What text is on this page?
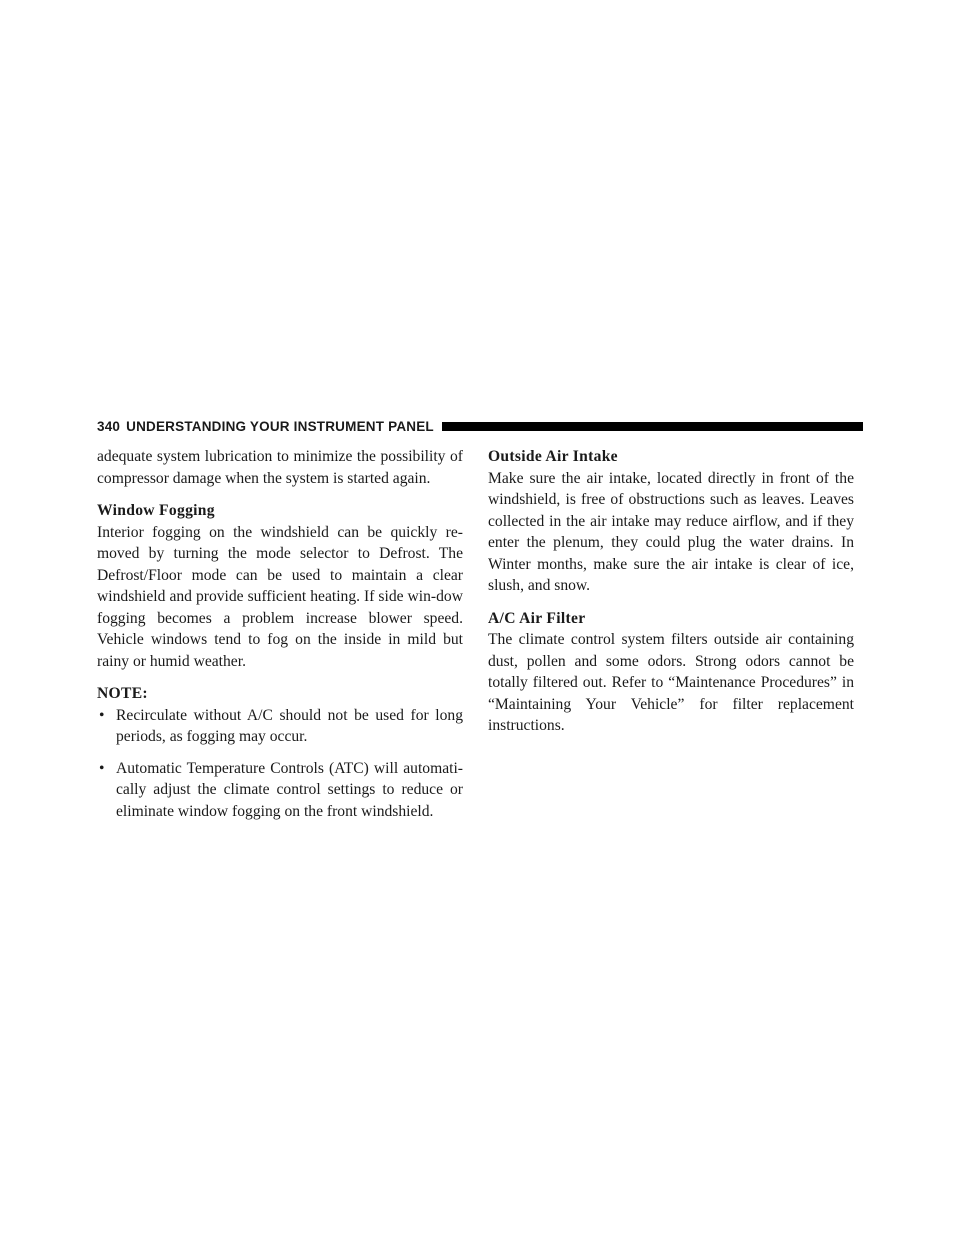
340 UNDERSTANDING YOUR INSTRUMENT PANEL

adequate system lubrication to minimize the possibility of compressor damage when the system is started again.

Window Fogging

Interior fogging on the windshield can be quickly re-moved by turning the mode selector to Defrost. The Defrost/Floor mode can be used to maintain a clear windshield and provide sufficient heating. If side win-dow fogging becomes a problem increase blower speed. Vehicle windows tend to fog on the inside in mild but rainy or humid weather.

NOTE:
• Recirculate without A/C should not be used for long periods, as fogging may occur.
• Automatic Temperature Controls (ATC) will automati-cally adjust the climate control settings to reduce or eliminate window fogging on the front windshield.
Outside Air Intake

Make sure the air intake, located directly in front of the windshield, is free of obstructions such as leaves. Leaves collected in the air intake may reduce airflow, and if they enter the plenum, they could plug the water drains. In Winter months, make sure the air intake is clear of ice, slush, and snow.

A/C Air Filter

The climate control system filters outside air containing dust, pollen and some odors. Strong odors cannot be totally filtered out. Refer to “Maintenance Procedures” in “Maintaining Your Vehicle” for filter replacement instructions.
